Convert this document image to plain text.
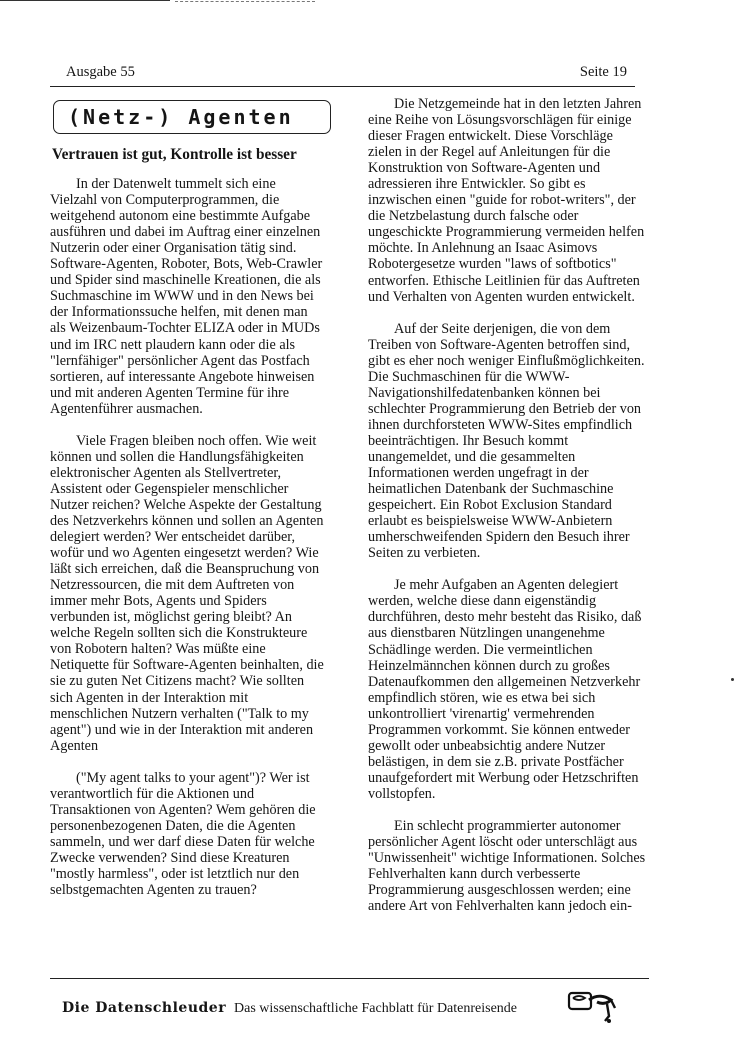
Ausgabe 55	Seite 19
(Netz-) Agenten
Vertrauen ist gut, Kontrolle ist besser

In der Datenwelt tummelt sich eine Vielzahl von Computerprogrammen, die weitgehend autonom eine bestimmte Aufgabe ausführen und dabei im Auftrag einer einzelnen Nutzerin oder einer Organisation tätig sind. Software-Agenten, Roboter, Bots, Web-Crawler und Spider sind maschinelle Kreationen, die als Suchmaschine im WWW und in den News bei der Informationssuche helfen, mit denen man als Weizenbaum-Tochter ELIZA oder in MUDs und im IRC nett plaudern kann oder die als "lernfähiger" persönlicher Agent das Postfach sortieren, auf interessante Angebote hinweisen und mit anderen Agenten Termine für ihre Agentenführer ausmachen.

Viele Fragen bleiben noch offen. Wie weit können und sollen die Handlungsfähigkeiten elektronischer Agenten als Stellvertreter, Assistent oder Gegenspieler menschlicher Nutzer reichen? Welche Aspekte der Gestaltung des Netzverkehrs können und sollen an Agenten delegiert werden? Wer entscheidet darüber, wofür und wo Agenten eingesetzt werden? Wie läßt sich erreichen, daß die Beanspruchung von Netzressourcen, die mit dem Auftreten von immer mehr Bots, Agents und Spiders verbunden ist, möglichst gering bleibt? An welche Regeln sollten sich die Konstrukteure von Robotern halten? Was müßte eine Netiquette für Software-Agenten beinhalten, die sie zu guten Net Citizens macht? Wie sollten sich Agenten in der Interaktion mit menschlichen Nutzern verhalten ("Talk to my agent") und wie in der Interaktion mit anderen Agenten

("My agent talks to your agent")? Wer ist verantwortlich für die Aktionen und Transaktionen von Agenten? Wem gehören die personenbezogenen Daten, die die Agenten sammeln, und wer darf diese Daten für welche Zwecke verwenden? Sind diese Kreaturen "mostly harmless", oder ist letztlich nur den selbstgemachten Agenten zu trauen?

Die Netzgemeinde hat in den letzten Jahren eine Reihe von Lösungsvorschlägen für einige dieser Fragen entwickelt. Diese Vorschläge zielen in der Regel auf Anleitungen für die Konstruktion von Software-Agenten und adressieren ihre Entwickler. So gibt es inzwischen einen "guide for robot-writers", der die Netzbelastung durch falsche oder ungeschickte Programmierung vermeiden helfen möchte. In Anlehnung an Isaac Asimovs Robotergesetze wurden "laws of softbotics" entworfen. Ethische Leitlinien für das Auftreten und Verhalten von Agenten wurden entwickelt.

Auf der Seite derjenigen, die von dem Treiben von Software-Agenten betroffen sind, gibt es eher noch weniger Einflußmöglichkeiten. Die Suchmaschinen für die WWW-Navigationshilfedatenbanken können bei schlechter Programmierung den Betrieb der von ihnen durchforsteten WWW-Sites empfindlich beeinträchtigen. Ihr Besuch kommt unangemeldet, und die gesammelten Informationen werden ungefragt in der heimatlichen Datenbank der Suchmaschine gespeichert. Ein Robot Exclusion Standard erlaubt es beispielsweise WWW-Anbietern umherschweifenden Spidern den Besuch ihrer Seiten zu verbieten.

Je mehr Aufgaben an Agenten delegiert werden, welche diese dann eigenständig durchführen, desto mehr besteht das Risiko, daß aus dienstbaren Nützlingen unangenehme Schädlinge werden. Die vermeintlichen Heinzelmännchen können durch zu großes Datenaufkommen den allgemeinen Netzverkehr empfindlich stören, wie es etwa bei sich unkontrolliert 'virenartig' vermehrenden Programmen vorkommt. Sie können entweder gewollt oder unbeabsichtig andere Nutzer belästigen, in dem sie z.B. private Postfächer unaufgefordert mit Werbung oder Hetzschriften vollstopfen.

Ein schlecht programmierter autonomer persönlicher Agent löscht oder unterschlägt aus "Unwissenheit" wichtige Informationen. Solches Fehlverhalten kann durch verbesserte Programmierung ausgeschlossen werden; eine andere Art von Fehlverhalten kann jedoch ein-

Die Datenschleuder Das wissenschaftliche Fachblatt für Datenreisende
